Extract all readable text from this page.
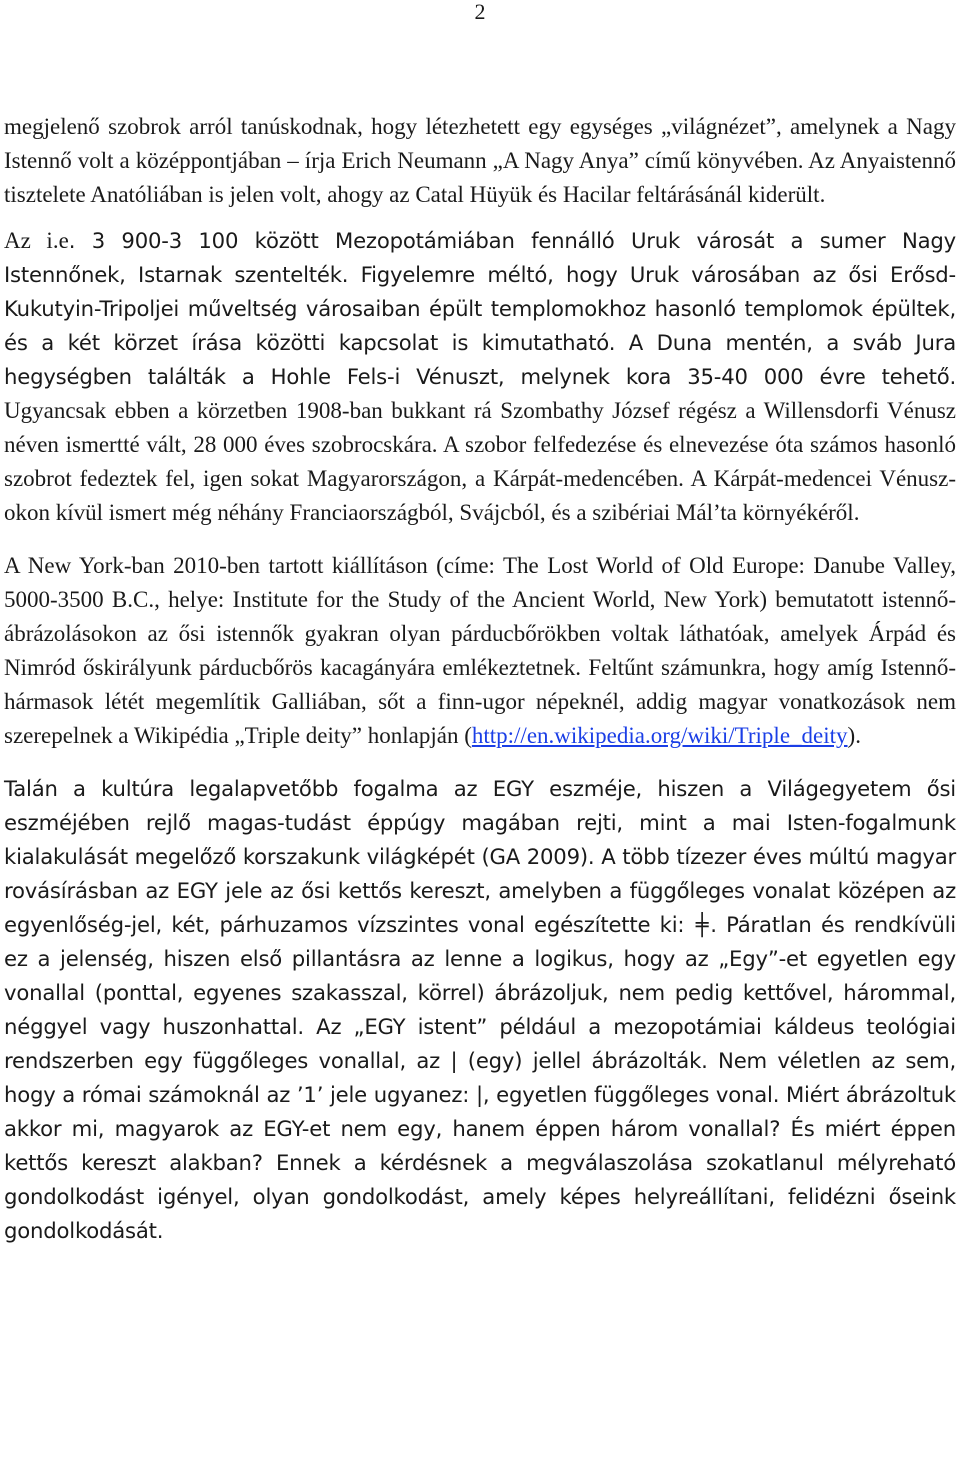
2

megjelenő szobrok arról tanúskodnak, hogy létezhetett egy egységes „világnézet”, amelynek a Nagy Istennő volt a középpontjában – írja Erich Neumann „A Nagy Anya” című könyvében. Az Anyaistennő tisztelete Anatóliában is jelen volt, ahogy az Catal Hüyük és Hacilar feltárásánál kiderült.

Az i.e. 3 900-3 100 között Mezopotámiában fennálló Uruk városát a sumer Nagy Istennőnek, Istarnak szentelték. Figyelemre méltó, hogy Uruk városában az ősi Erősd-Kukutyin-Tripoljei műveltség városaiban épült templomokhoz hasonló templomok épültek, és a két körzet írása közötti kapcsolat is kimutatható. A Duna mentén, a sváb Jura hegységben találták a Hohle Fels-i Vénuszt, melynek kora 35-40 000 évre tehető. Ugyancsak ebben a körzetben 1908-ban bukkant rá Szombathy József régész a Willensdorfi Vénusz néven ismertté vált, 28 000 éves szobrocskára. A szobor felfedezése és elnevezése óta számos hasonló szobrot fedeztek fel, igen sokat Magyarországon, a Kárpát-medencében. A Kárpát-medencei Vénusz-okon kívül ismert még néhány Franciaországból, Svájcból, és a szibériai Mál’ta környékéről.

A New York-ban 2010-ben tartott kiállításon (címe: The Lost World of Old Europe: Danube Valley, 5000-3500 B.C., helye: Institute for the Study of the Ancient World, New York) bemutatott istennő-ábrázolásokon az ősi istennők gyakran olyan párducbőrökben voltak láthatóak, amelyek Árpád és Nimród őskirályunk párducbőrös kacagányára emlékeztetnek. Feltűnt számunkra, hogy amíg Istennő-hármasok létét megemlítik Galliában, sőt a finn-ugor népeknél, addig magyar vonatkozások nem szerepelnek a Wikipédia „Triple deity” honlapján (http://en.wikipedia.org/wiki/Triple_deity).

Talán a kultúra legalapvetőbb fogalma az EGY eszméje, hiszen a Világegyetem ősi eszméjében rejlő magas-tudást éppúgy magában rejti, mint a mai Isten-fogalmunk kialakulását megelőző korszakunk világképét (GA 2009). A több tízezer éves múltú magyar rovásírásban az EGY jele az ősi kettős kereszt, amelyben a függőleges vonalat középen az egyenlőség-jel, két, párhuzamos vízszintes vonal egészítette ki: ╪. Páratlan és rendkívüli ez a jelenség, hiszen első pillantásra az lenne a logikus, hogy az „Egy”-et egyetlen egy vonallal (ponttal, egyenes szakasszal, körrel) ábrázoljuk, nem pedig kettővel, hárommal, néggyel vagy huszonhattal. Az „EGY istent” például a mezopotámiai káldeus teológiai rendszerben egy függőleges vonallal, az | (egy) jellel ábrázolták. Nem véletlen az sem, hogy a római számoknál az ’1’ jele ugyanez: |, egyetlen függőleges vonal. Miért ábrázoltuk akkor mi, magyarok az EGY-et nem egy, hanem éppen három vonallal? És miért éppen kettős kereszt alakban? Ennek a kérdésnek a megválaszolása szokatlanul mélyreható gondolkodást igényel, olyan gondolkodást, amely képes helyreállítani, felidézni őseink gondolkodását.
